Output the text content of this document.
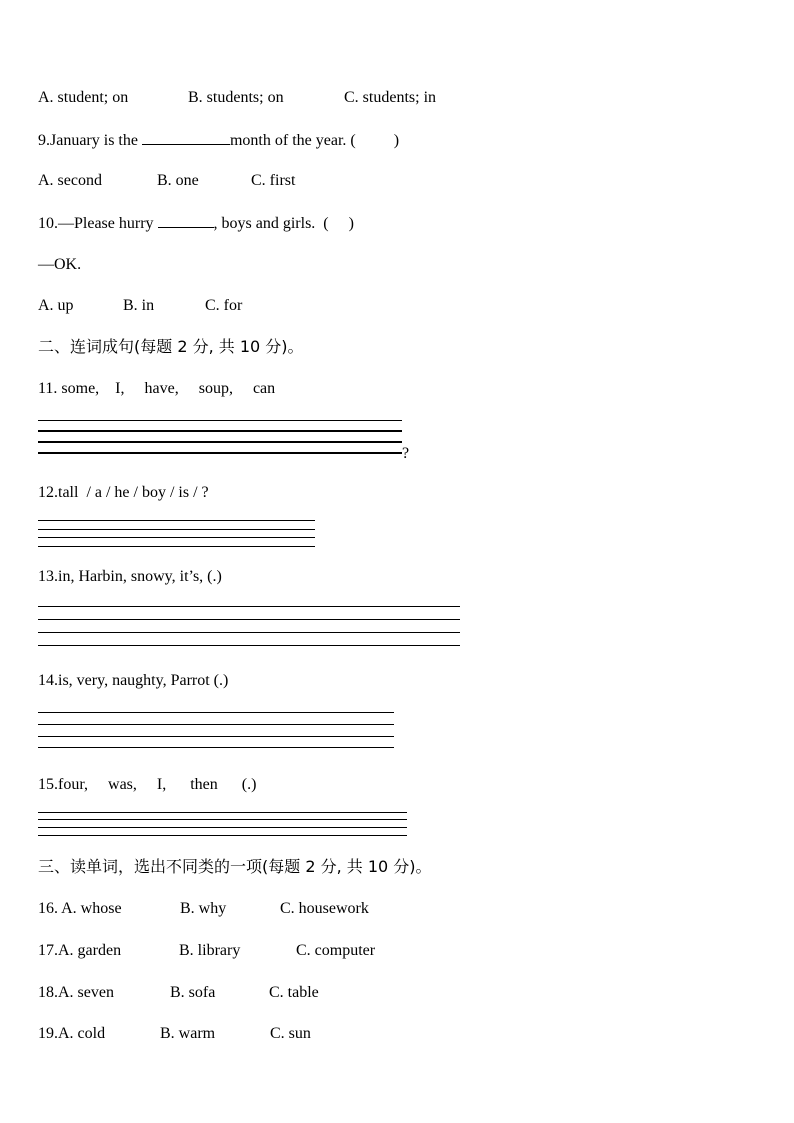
A. student; on	B. students; on	C. students; in
9.January is the	month of the year. ( )
A. second	B. one	C. first
10.—Please hurry	, boys and girls.  ( )
—OK.
A. up	B. in	C. for
二、连词成句(每题 2 分, 共 10 分)。
11. some,    I,     have,     soup,     can
?
12.tall  / a / he / boy / is / ?
13.in, Harbin, snowy, it’s, (.)
14.is, very, naughty, Parrot (.)
15.four,     was,     I,      then      (.)
三、读单词，选出不同类的一项(每题 2 分, 共 10 分)。
16. A. whose	B. why	C. housework
17.A. garden	B. library	C. computer
18.A. seven	B. sofa	C. table
19.A. cold	B. warm	C. sun
